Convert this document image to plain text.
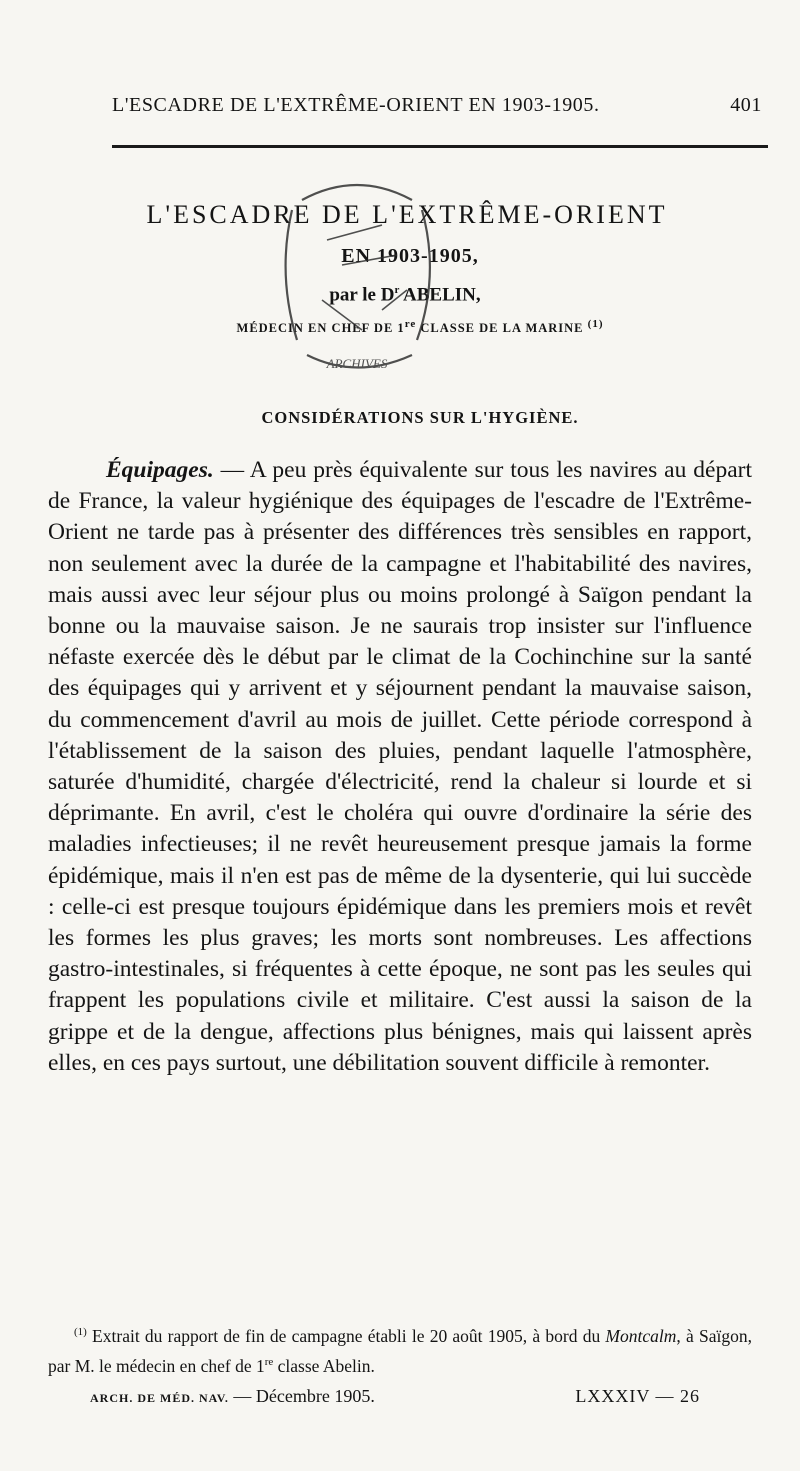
L'ESCADRE DE L'EXTRÊME-ORIENT EN 1903-1905.	401
L'ESCADRE DE L'EXTRÊME-ORIENT
EN 1903-1905,
par le D$^r$ ABELIN,
MÉDECIN EN CHEF DE 1re CLASSE DE LA MARINE $^{(1)}$
ARCHIVES
CONSIDÉRATIONS SUR L'HYGIÈNE.

Équipages. — A peu près équivalente sur tous les navires au départ de France, la valeur hygiénique des équipages de l'escadre de l'Extrême-Orient ne tarde pas à présenter des différences très sensibles en rapport, non seulement avec la durée de la campagne et l'habitabilité des navires, mais aussi avec leur séjour plus ou moins prolongé à Saïgon pendant la bonne ou la mauvaise saison. Je ne saurais trop insister sur l'influence néfaste exercée dès le début par le climat de la Cochinchine sur la santé des équipages qui y arrivent et y séjournent pendant la mauvaise saison, du commencement d'avril au mois de juillet. Cette période correspond à l'établissement de la saison des pluies, pendant laquelle l'atmosphère, saturée d'humidité, chargée d'électricité, rend la chaleur si lourde et si déprimante. En avril, c'est le choléra qui ouvre d'ordinaire la série des maladies infectieuses; il ne revêt heureusement presque jamais la forme épidémique, mais il n'en est pas de même de la dysenterie, qui lui succède : celle-ci est presque toujours épidémique dans les premiers mois et revêt les formes les plus graves; les morts sont nombreuses. Les affections gastro-intestinales, si fréquentes à cette époque, ne sont pas les seules qui frappent les populations civile et militaire. C'est aussi la saison de la grippe et de la dengue, affections plus bénignes, mais qui laissent après elles, en ces pays surtout, une débilitation souvent difficile à remonter.

$^{(1)}$ Extrait du rapport de fin de campagne établi le 20 août 1905, à bord du Montcalm, à Saïgon, par M. le médecin en chef de 1re classe Abelin.

ARCH. DE MÉD. NAV. — Décembre 1905.	LXXXIV — 26
